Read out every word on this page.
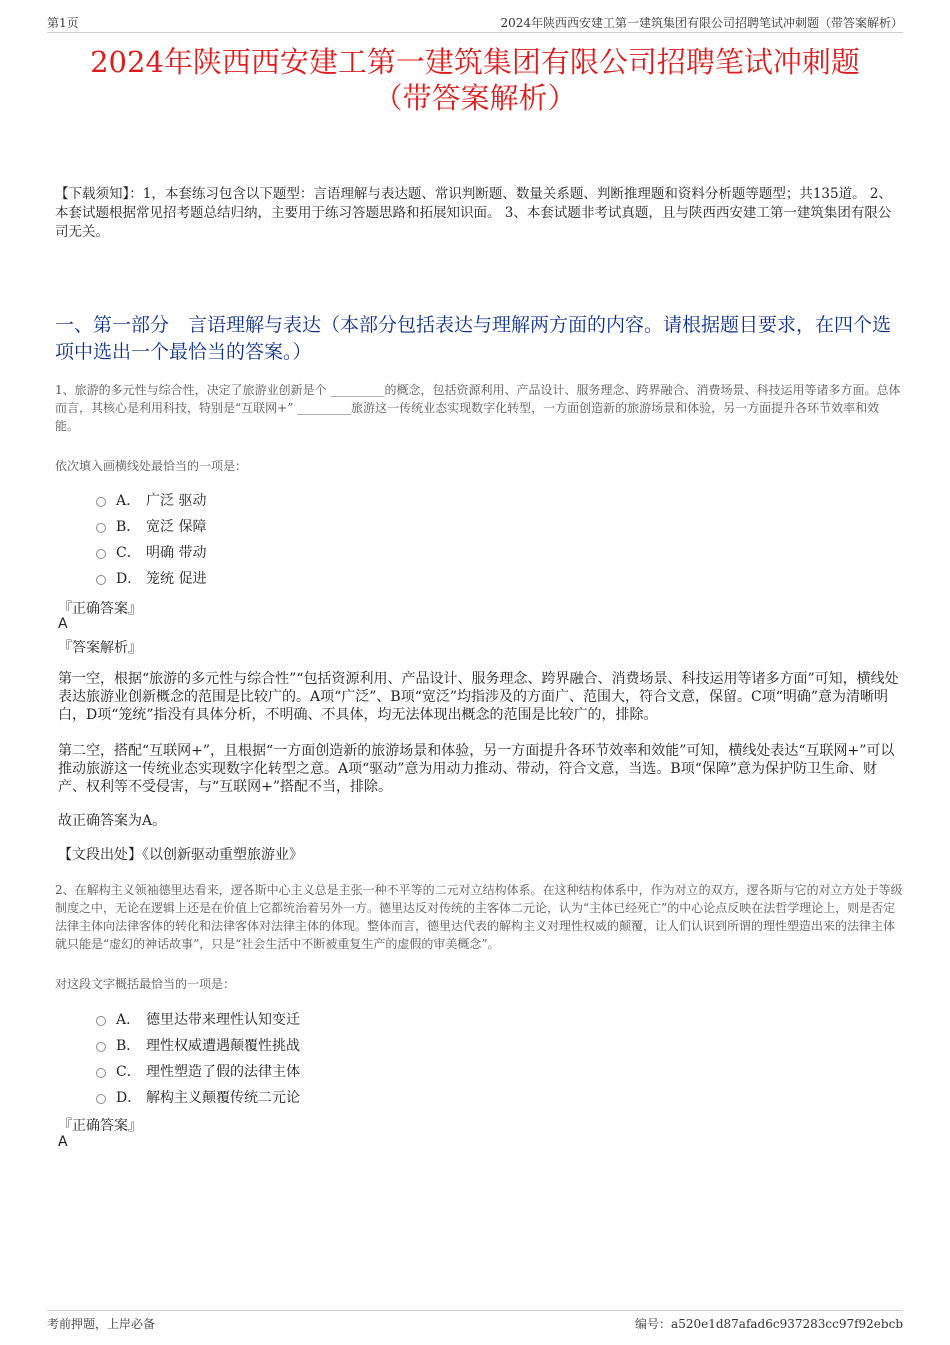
第1页	2024年陕西西安建工第一建筑集团有限公司招聘笔试冲刺题（带答案解析）
2024年陕西西安建工第一建筑集团有限公司招聘笔试冲刺题
（带答案解析）
【下载须知】：1，本套练习包含以下题型：言语理解与表达题、常识判断题、数量关系题、判断推理题和资料分析题等题型；共135道。 2、本套试题根据常见招考题总结归纳，主要用于练习答题思路和拓展知识面。 3、本套试题非考试真题，且与陕西西安建工第一建筑集团有限公司无关。
一、第一部分　言语理解与表达（本部分包括表达与理解两方面的内容。请根据题目要求，在四个选项中选出一个最恰当的答案。）
1、旅游的多元性与综合性，决定了旅游业创新是个 _________的概念，包括资源利用、产品设计、服务理念、跨界融合、消费场景、科技运用等诸多方面。总体而言，其核心是利用科技，特别是“互联网+” _________旅游这一传统业态实现数字化转型，一方面创造新的旅游场景和体验，另一方面提升各环节效率和效能。
依次填入画横线处最恰当的一项是：
A． 广泛 驱动
B． 宽泛 保障
C． 明确 带动
D． 笼统 促进
『正确答案』
A
『答案解析』
第一空，根据“旅游的多元性与综合性”“包括资源利用、产品设计、服务理念、跨界融合、消费场景、科技运用等诸多方面”可知，横线处表达旅游业创新概念的范围是比较广的。A项“广泛”、B项“宽泛”均指涉及的方面广、范围大，符合文意，保留。C项“明确”意为清晰明白，D项“笼统”指没有具体分析，不明确、不具体，均无法体现出概念的范围是比较广的，排除。
第二空，搭配“互联网+”，且根据“一方面创造新的旅游场景和体验，另一方面提升各环节效率和效能”可知，横线处表达“互联网+”可以推动旅游这一传统业态实现数字化转型之意。A项“驱动”意为用动力推动、带动，符合文意，当选。B项“保障”意为保护防卫生命、财产、权利等不受侵害，与“互联网+”搭配不当，排除。
故正确答案为A。
【文段出处】《以创新驱动重塑旅游业》
2、在解构主义领袖德里达看来，逻各斯中心主义总是主张一种不平等的二元对立结构体系。在这种结构体系中，作为对立的双方，逻各斯与它的对立方处于等级制度之中，无论在逻辑上还是在价值上它都统治着另外一方。德里达反对传统的主客体二元论，认为“主体已经死亡”的中心论点反映在法哲学理论上，则是否定法律主体向法律客体的转化和法律客体对法律主体的体现。整体而言，德里达代表的解构主义对理性权威的颠覆，让人们认识到所谓的理性塑造出来的法律主体就只能是“虚幻的神话故事”，只是“社会生活中不断被重复生产的虚假的审美概念”。
对这段文字概括最恰当的一项是：
A． 德里达带来理性认知变迁
B． 理性权威遭遇颠覆性挑战
C． 理性塑造了假的法律主体
D． 解构主义颠覆传统二元论
『正确答案』
A
考前押题，上岸必备	编号：a520e1d87afad6c937283cc97f92ebcb
